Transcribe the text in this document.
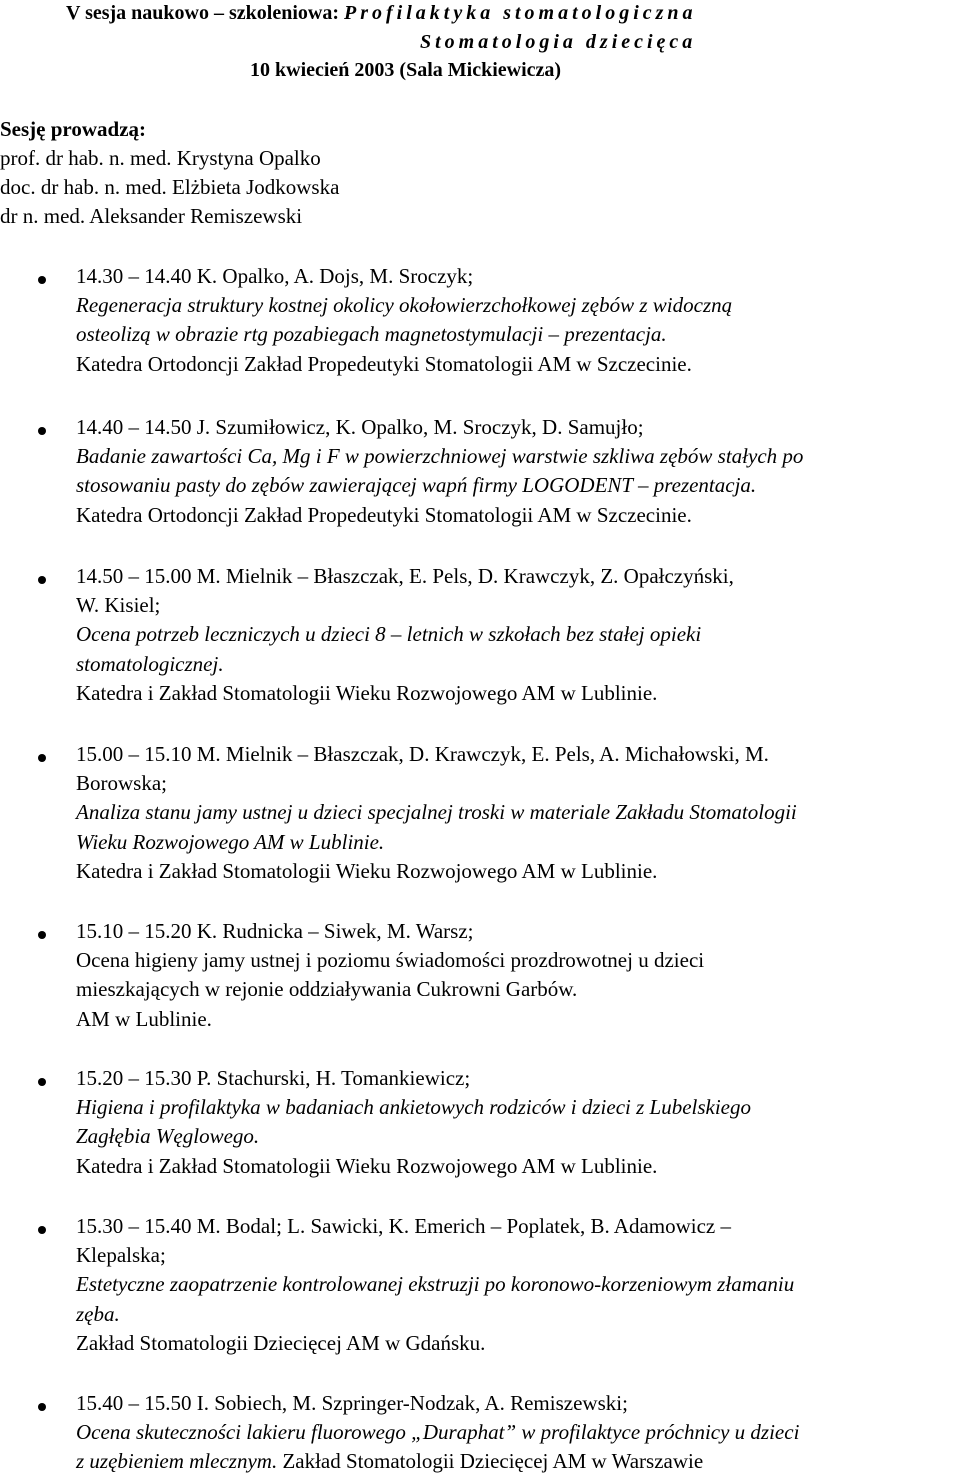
V sesja naukowo – szkoleniowa: Profilaktyka stomatologiczna
Stomatologia dziecięca
10 kwiecień 2003 (Sala Mickiewicza)
Sesję prowadzą:
prof. dr hab. n. med. Krystyna Opalko
doc. dr hab. n. med. Elżbieta Jodkowska
dr n. med. Aleksander Remiszewski
14.30 – 14.40 K. Opalko, A. Dojs, M. Sroczyk;
Regeneracja struktury kostnej okolicy okołowierzchołkowej zębów z widoczną
osteolizą w obrazie rtg pozabiegach magnetostymulacji – prezentacja.
Katedra Ortodoncji Zakład Propedeutyki Stomatologii AM w Szczecinie.
14.40 – 14.50 J. Szumiłowicz, K. Opalko, M. Sroczyk, D. Samujło;
Badanie zawartości Ca, Mg i F w powierzchniowej warstwie szkliwa zębów stałych po
stosowaniu pasty do zębów zawierającej wapń firmy LOGODENT – prezentacja.
Katedra Ortodoncji Zakład Propedeutyki Stomatologii AM w Szczecinie.
14.50 – 15.00 M. Mielnik – Błaszczak, E. Pels, D. Krawczyk, Z. Opałczyński,
W. Kisiel;
Ocena potrzeb leczniczych u dzieci 8 – letnich w szkołach bez stałej opieki
stomatologicznej.
Katedra i Zakład Stomatologii Wieku Rozwojowego AM w Lublinie.
15.00 – 15.10 M. Mielnik – Błaszczak, D. Krawczyk, E. Pels, A. Michałowski, M.
Borowska;
Analiza stanu jamy ustnej u dzieci specjalnej troski w materiale Zakładu Stomatologii
Wieku Rozwojowego AM w Lublinie.
Katedra i Zakład Stomatologii Wieku Rozwojowego AM w Lublinie.
15.10 – 15.20 K. Rudnicka – Siwek, M. Warsz;
Ocena higieny jamy ustnej i poziomu świadomości prozdrowotnej u dzieci
mieszkających w rejonie oddziaływania Cukrowni Garbów.
AM w Lublinie.
15.20 – 15.30 P. Stachurski, H. Tomankiewicz;
Higiena i profilaktyka w badaniach ankietowych rodziców i dzieci z Lubelskiego
Zagłębia Węglowego.
Katedra i Zakład Stomatologii Wieku Rozwojowego AM w Lublinie.
15.30 – 15.40 M. Bodal; L. Sawicki, K. Emerich – Poplatek, B. Adamowicz –
Klepalska;
Estetyczne zaopatrzenie kontrolowanej ekstruzji po koronowo-korzeniowym złamaniu
zęba.
Zakład Stomatologii Dziecięcej AM w Gdańsku.
15.40 – 15.50 I. Sobiech, M. Szpringer-Nodzak, A. Remiszewski;
Ocena skuteczności lakieru fluorowego „Duraphat” w profilaktyce próchnicy u dzieci
z uzębieniem mlecznym. Zakład Stomatologii Dziecięcej AM w Warszawie
